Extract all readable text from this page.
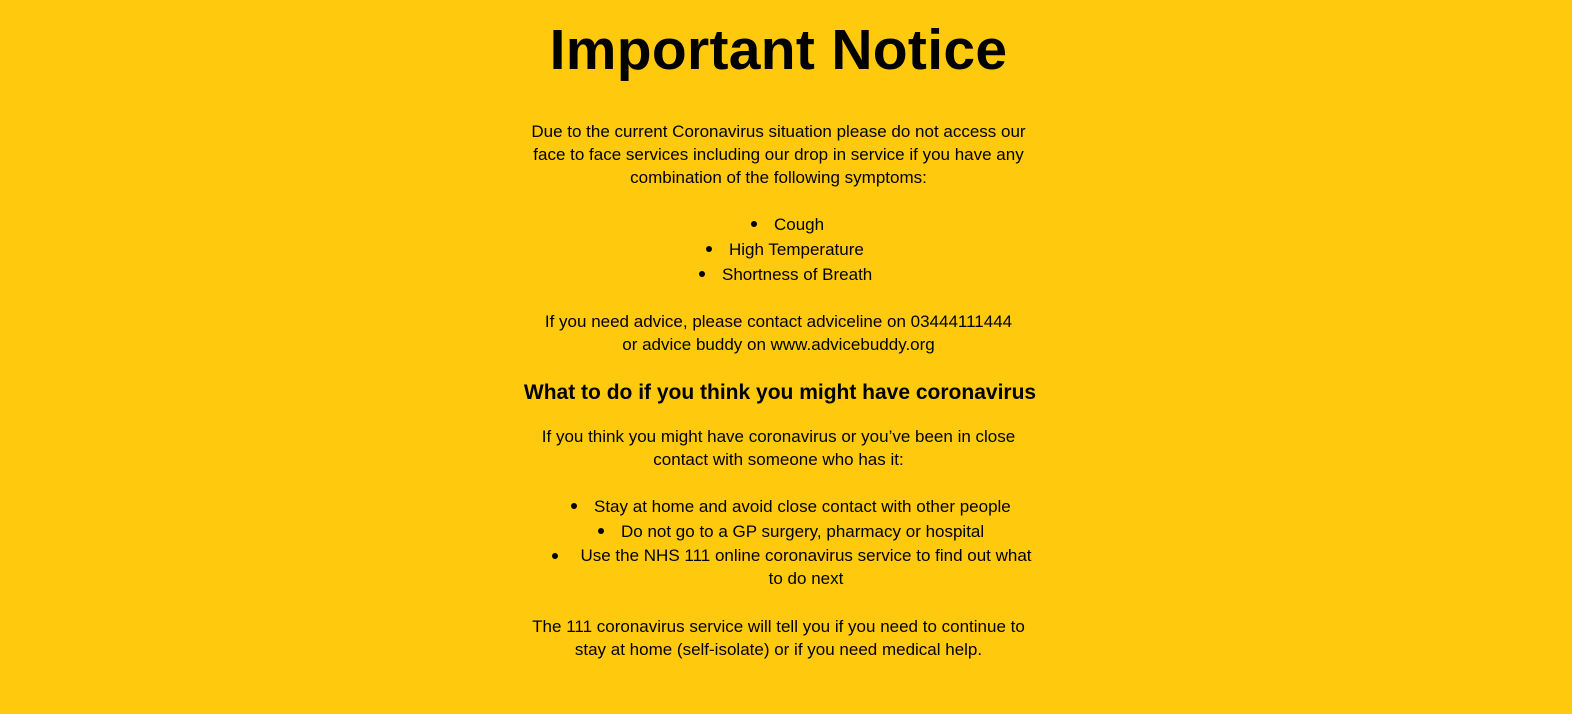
Important Notice
Due to the current Coronavirus situation please do not access our
face to face services including our drop in service if you have any
combination of the following symptoms:
Cough
High Temperature
Shortness of Breath
If you need advice, please contact adviceline on 03444111444
or advice buddy on www.advicebuddy.org
What to do if you think you might have coronavirus
If you think you might have coronavirus or you’ve been in close
contact with someone who has it:
Stay at home and avoid close contact with other people
Do not go to a GP surgery, pharmacy or hospital
Use the NHS 111 online coronavirus service to find out what
to do next
The 111 coronavirus service will tell you if you need to continue to
stay at home (self-isolate) or if you need medical help.
